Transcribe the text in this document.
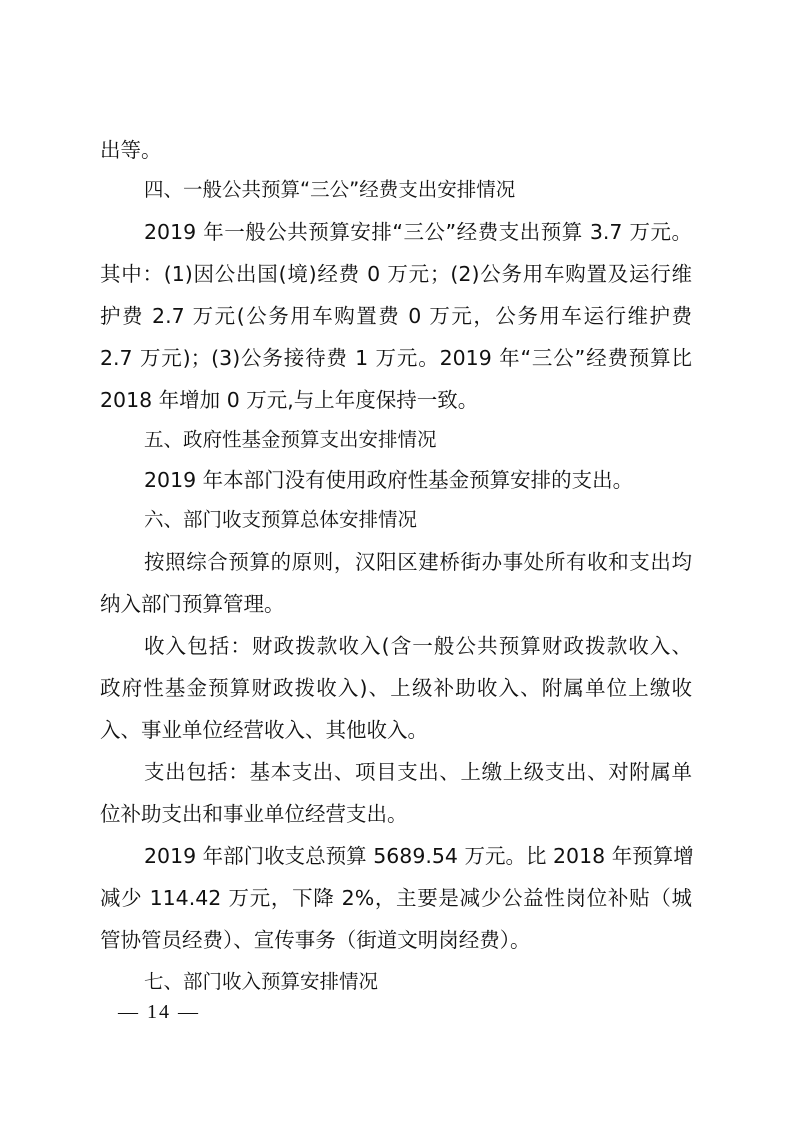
出等。
四、一般公共预算“三公”经费支出安排情况
2019 年一般公共预算安排“三公”经费支出预算 3.7 万元。
其中：(1)因公出国(境)经费 0 万元；(2)公务用车购置及运行维
护费 2.7 万元(公务用车购置费 0 万元，公务用车运行维护费
2.7 万元)；(3)公务接待费 1 万元。2019 年“三公”经费预算比
2018 年增加 0 万元,与上年度保持一致。
五、政府性基金预算支出安排情况
2019 年本部门没有使用政府性基金预算安排的支出。
六、部门收支预算总体安排情况
按照综合预算的原则，汉阳区建桥街办事处所有收和支出均
纳入部门预算管理。
收入包括：财政拨款收入(含一般公共预算财政拨款收入、
政府性基金预算财政拨收入)、上级补助收入、附属单位上缴收
入、事业单位经营收入、其他收入。
支出包括：基本支出、项目支出、上缴上级支出、对附属单
位补助支出和事业单位经营支出。
2019 年部门收支总预算 5689.54 万元。比 2018 年预算增
减少 114.42 万元，下降 2%，主要是减少公益性岗位补贴（城
管协管员经费）、宣传事务（街道文明岗经费）。
七、部门收入预算安排情况
— 14 —
